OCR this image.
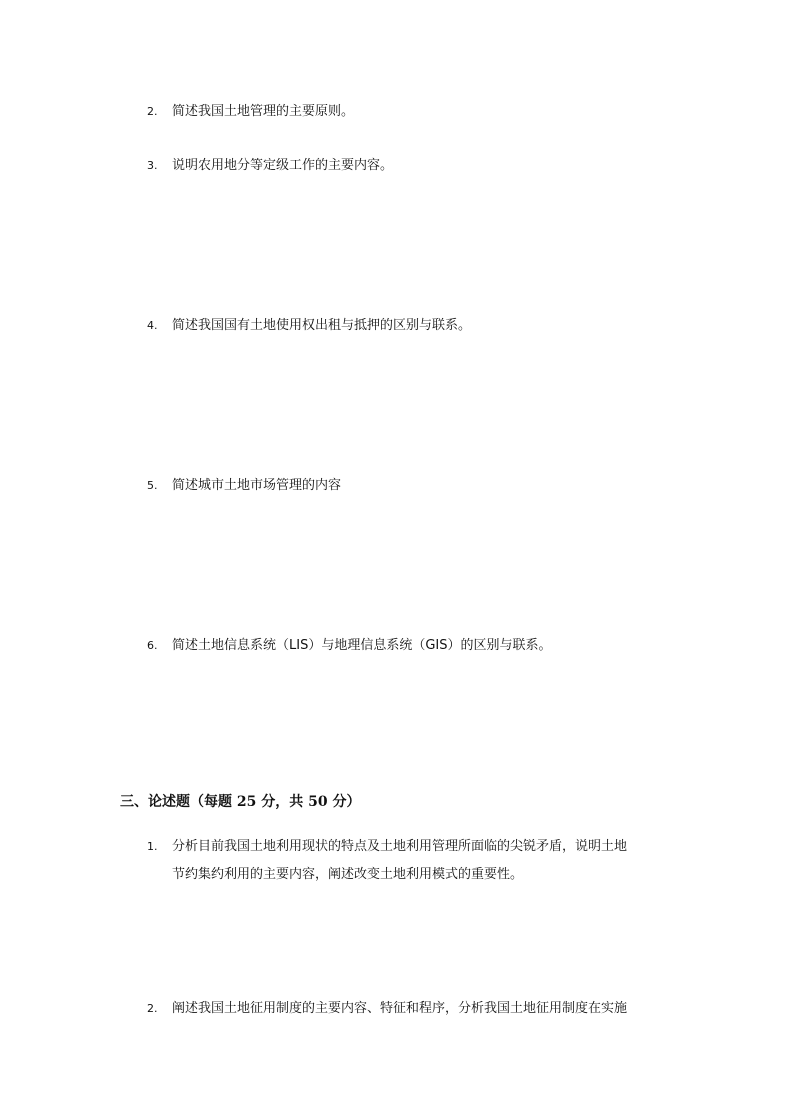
2. 简述我国土地管理的主要原则。
3. 说明农用地分等定级工作的主要内容。
4. 简述我国国有土地使用权出租与抵押的区别与联系。
5. 简述城市土地市场管理的内容
6. 简述土地信息系统（LIS）与地理信息系统（GIS）的区别与联系。
三、论述题（每题 25 分，共 50 分）
1. 分析目前我国土地利用现状的特点及土地利用管理所面临的尖锐矛盾，说明土地
节约集约利用的主要内容，阐述改变土地利用模式的重要性。
2. 阐述我国土地征用制度的主要内容、特征和程序，分析我国土地征用制度在实施
